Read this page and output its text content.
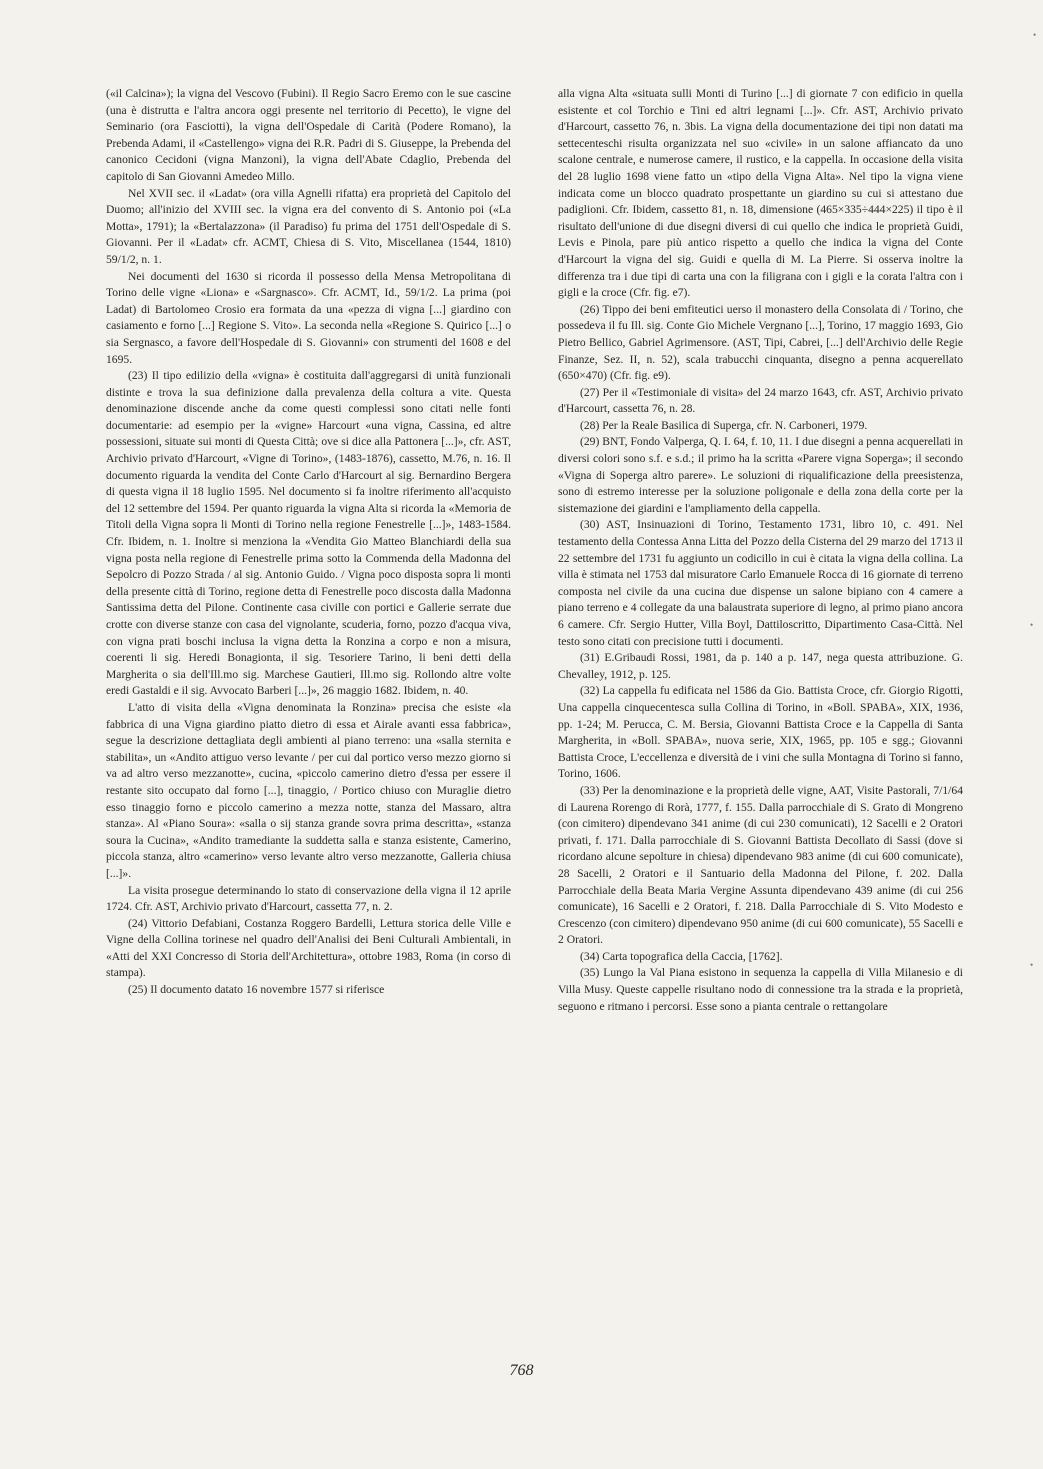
(«il Calcina»); la vigna del Vescovo (Fubini). Il Regio Sacro Eremo con le sue cascine (una è distrutta e l'altra ancora oggi presente nel territorio di Pecetto), le vigne del Seminario (ora Fasciotti), la vigna dell'Ospedale di Carità (Podere Romano), la Prebenda Adami, il «Castellengo» vigna dei R.R. Padri di S. Giuseppe, la Prebenda del canonico Cecidoni (vigna Manzoni), la vigna dell'Abate Cdaglio, Prebenda del capitolo di San Giovanni Amedeo Millo.

Nel XVII sec. il «Ladat» (ora villa Agnelli rifatta) era proprietà del Capitolo del Duomo; all'inizio del XVIII sec. la vigna era del convento di S. Antonio poi («La Motta», 1791); la «Bertalazzona» (il Paradiso) fu prima del 1751 dell'Ospedale di S. Giovanni. Per il «Ladat» cfr. ACMT, Chiesa di S. Vito, Miscellanea (1544, 1810) 59/1/2, n. 1.

Nei documenti del 1630 si ricorda il possesso della Mensa Metropolitana di Torino delle vigne «Liona» e «Sargnasco». Cfr. ACMT, Id., 59/1/2. La prima (poi Ladat) di Bartolomeo Crosio era formata da una «pezza di vigna [...] giardino con casiamento e forno [...] Regione S. Vito». La seconda nella «Regione S. Quirico [...] o sia Sergnasco, a favore dell'Hospedale di S. Giovanni» con strumenti del 1608 e del 1695.

(23) Il tipo edilizio della «vigna» è costituita dall'aggregarsi di unità funzionali distinte e trova la sua definizione dalla prevalenza della coltura a vite. Questa denominazione discende anche da come questi complessi sono citati nelle fonti documentarie: ad esempio per la «vigne» Harcourt «una vigna, Cassina, ed altre possessioni, situate sui monti di Questa Città; ove si dice alla Pattonera [...]», cfr. AST, Archivio privato d'Harcourt, «Vigne di Torino», (1483-1876), cassetto, M.76, n. 16. Il documento riguarda la vendita del Conte Carlo d'Harcourt al sig. Bernardino Bergera di questa vigna il 18 luglio 1595. Nel documento si fa inoltre riferimento all'acquisto del 12 settembre del 1594. Per quanto riguarda la vigna Alta si ricorda la «Memoria de Titoli della Vigna sopra li Monti di Torino nella regione Fenestrelle [...]», 1483-1584. Cfr. Ibidem, n. 1. Inoltre si menziona la «Vendita Gio Matteo Blanchiardi della sua vigna posta nella regione di Fenestrelle prima sotto la Commenda della Madonna del Sepolcro di Pozzo Strada / al sig. Antonio Guido. / Vigna poco disposta sopra li monti della presente città di Torino, regione detta di Fenestrelle poco discosta dalla Madonna Santissima detta del Pilone. Continente casa civille con portici e Gallerie serrate due crotte con diverse stanze con casa del vignolante, scuderia, forno, pozzo d'acqua viva, con vigna prati boschi inclusa la vigna detta la Ronzina a corpo e non a misura, coerenti li sig. Heredi Bonagionta, il sig. Tesoriere Tarino, li beni detti della Margherita o sia dell'Ill.mo sig. Marchese Gautieri, Ill.mo sig. Rollondo altre volte eredi Gastaldi e il sig. Avvocato Barberi [...]», 26 maggio 1682. Ibidem, n. 40.

L'atto di visita della «Vigna denominata la Ronzina» precisa che esiste «la fabbrica di una Vigna giardino piatto dietro di essa et Airale avanti essa fabbrica», segue la descrizione dettagliata degli ambienti al piano terreno: una «salla sternita e stabilita», un «Andito attiguo verso levante / per cui dal portico verso mezzo giorno si va ad altro verso mezzanotte», cucina, «piccolo camerino dietro d'essa per essere il restante sito occupato dal forno [...], tinaggio, / Portico chiuso con Muraglie dietro esso tinaggio forno e piccolo camerino a mezza notte, stanza del Massaro, altra stanza». Al «Piano Soura»: «salla o sij stanza grande sovra prima descritta», «stanza soura la Cucina», «Andito tramediante la suddetta salla e stanza esistente, Camerino, piccola stanza, altro «camerino» verso levante altro verso mezzanotte, Galleria chiusa [...]».

La visita prosegue determinando lo stato di conservazione della vigna il 12 aprile 1724. Cfr. AST, Archivio privato d'Harcourt, cassetta 77, n. 2.

(24) Vittorio Defabiani, Costanza Roggero Bardelli, Lettura storica delle Ville e Vigne della Collina torinese nel quadro dell'Analisi dei Beni Culturali Ambientali, in «Atti del XXI Concresso di Storia dell'Architettura», ottobre 1983, Roma (in corso di stampa).

(25) Il documento datato 16 novembre 1577 si riferisce

alla vigna Alta «situata sulli Monti di Turino [...] di giornate 7 con edificio in quella esistente et col Torchio e Tini ed altri legnami [...]». Cfr. AST, Archivio privato d'Harcourt, cassetto 76, n. 3bis. La vigna della documentazione dei tipi non datati ma settecenteschi risulta organizzata nel suo «civile» in un salone affiancato da uno scalone centrale, e numerose camere, il rustico, e la cappella. In occasione della visita del 28 luglio 1698 viene fatto un «tipo della Vigna Alta». Nel tipo la vigna viene indicata come un blocco quadrato prospettante un giardino su cui si attestano due padiglioni. Cfr. Ibidem, cassetto 81, n. 18, dimensione (465×335÷444×225) il tipo è il risultato dell'unione di due disegni diversi di cui quello che indica le proprietà Guidi, Levis e Pinola, pare più antico rispetto a quello che indica la vigna del Conte d'Harcourt la vigna del sig. Guidi e quella di M. La Pierre. Si osserva inoltre la differenza tra i due tipi di carta una con la filigrana con i gigli e la corata l'altra con i gigli e la croce (Cfr. fig. e7).

(26) Tippo dei beni emfiteutici uerso il monastero della Consolata di / Torino, che possedeva il fu Ill. sig. Conte Gio Michele Vergnano [...], Torino, 17 maggio 1693, Gio Pietro Bellico, Gabriel Agrimensore. (AST, Tipi, Cabrei, [...] dell'Archivio delle Regie Finanze, Sez. II, n. 52), scala trabucchi cinquanta, disegno a penna acquerellato (650×470) (Cfr. fig. e9).

(27) Per il «Testimoniale di visita» del 24 marzo 1643, cfr. AST, Archivio privato d'Harcourt, cassetta 76, n. 28.

(28) Per la Reale Basilica di Superga, cfr. N. Carboneri, 1979.

(29) BNT, Fondo Valperga, Q. I. 64, f. 10, 11. I due disegni a penna acquerellati in diversi colori sono s.f. e s.d.; il primo ha la scritta «Parere vigna Soperga»; il secondo «Vigna di Soperga altro parere». Le soluzioni di riqualificazione della preesistenza, sono di estremo interesse per la soluzione poligonale e della zona della corte per la sistemazione dei giardini e l'ampliamento della cappella.

(30) AST, Insinuazioni di Torino, Testamento 1731, libro 10, c. 491. Nel testamento della Contessa Anna Litta del Pozzo della Cisterna del 29 marzo del 1713 il 22 settembre del 1731 fu aggiunto un codicillo in cui è citata la vigna della collina. La villa è stimata nel 1753 dal misuratore Carlo Emanuele Rocca di 16 giornate di terreno composta nel civile da una cucina due dispense un salone bipiano con 4 camere a piano terreno e 4 collegate da una balaustrata superiore di legno, al primo piano ancora 6 camere. Cfr. Sergio Hutter, Villa Boyl, Dattiloscritto, Dipartimento Casa-Città. Nel testo sono citati con precisione tutti i documenti.

(31) E.Gribaudi Rossi, 1981, da p. 140 a p. 147, nega questa attribuzione. G. Chevalley, 1912, p. 125.

(32) La cappella fu edificata nel 1586 da Gio. Battista Croce, cfr. Giorgio Rigotti, Una cappella cinquecentesca sulla Collina di Torino, in «Boll. SPABA», XIX, 1936, pp. 1-24; M. Perucca, C. M. Bersia, Giovanni Battista Croce e la Cappella di Santa Margherita, in «Boll. SPABA», nuova serie, XIX, 1965, pp. 105 e sgg.; Giovanni Battista Croce, L'eccellenza e diversità de i vini che sulla Montagna di Torino si fanno, Torino, 1606.

(33) Per la denominazione e la proprietà delle vigne, AAT, Visite Pastorali, 7/1/64 di Laurena Rorengo di Rorà, 1777, f. 155. Dalla parrocchiale di S. Grato di Mongreno (con cimitero) dipendevano 341 anime (di cui 230 comunicati), 12 Sacelli e 2 Oratori privati, f. 171. Dalla parrocchiale di S. Giovanni Battista Decollato di Sassi (dove si ricordano alcune sepolture in chiesa) dipendevano 983 anime (di cui 600 comunicate), 28 Sacelli, 2 Oratori e il Santuario della Madonna del Pilone, f. 202. Dalla Parrocchiale della Beata Maria Vergine Assunta dipendevano 439 anime (di cui 256 comunicate), 16 Sacelli e 2 Oratori, f. 218. Dalla Parrocchiale di S. Vito Modesto e Crescenzo (con cimitero) dipendevano 950 anime (di cui 600 comunicate), 55 Sacelli e 2 Oratori.

(34) Carta topografica della Caccia, [1762].

(35) Lungo la Val Piana esistono in sequenza la cappella di Villa Milanesio e di Villa Musy. Queste cappelle risultano nodo di connessione tra la strada e la proprietà, seguono e ritmano i percorsi. Esse sono a pianta centrale o rettangolare

768
•
•
•
